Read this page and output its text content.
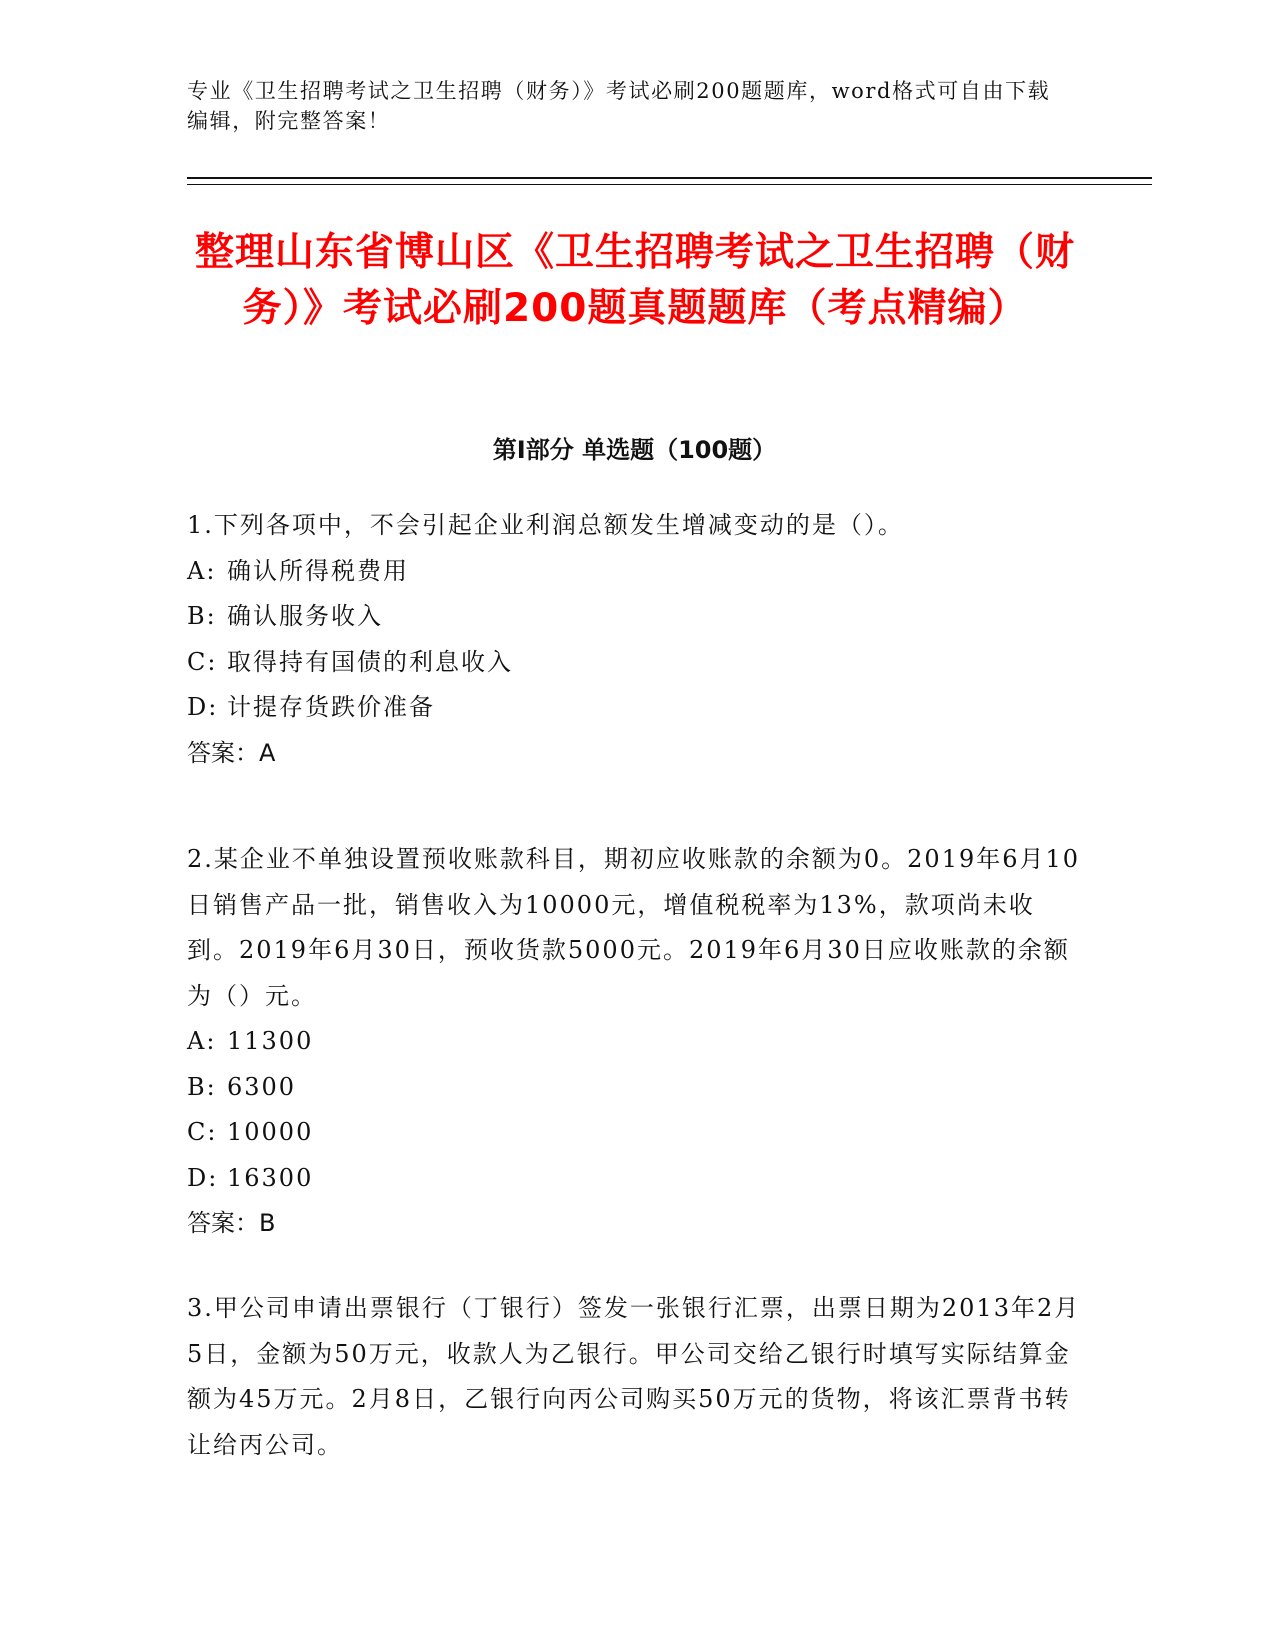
专业《卫生招聘考试之卫生招聘（财务）》考试必刷200题题库，word格式可自由下载编辑，附完整答案！
整理山东省博山区《卫生招聘考试之卫生招聘（财务）》考试必刷200题真题题库（考点精编）
第Ⅰ部分 单选题（100题）

1.下列各项中，不会引起企业利润总额发生增减变动的是（）。

A: 确认所得税费用
B: 确认服务收入
C: 取得持有国债的利息收入
D: 计提存货跌价准备
答案：A

2.某企业不单独设置预收账款科目，期初应收账款的余额为0。2019年6月10日销售产品一批，销售收入为10000元，增值税税率为13%，款项尚未收到。2019年6月30日，预收货款5000元。2019年6月30日应收账款的余额为（）元。

A: 11300
B: 6300
C: 10000
D: 16300
答案：B

3.甲公司申请出票银行（丁银行）签发一张银行汇票，出票日期为2013年2月5日，金额为50万元，收款人为乙银行。甲公司交给乙银行时填写实际结算金额为45万元。2月8日，乙银行向丙公司购买50万元的货物，将该汇票背书转让给丙公司。
